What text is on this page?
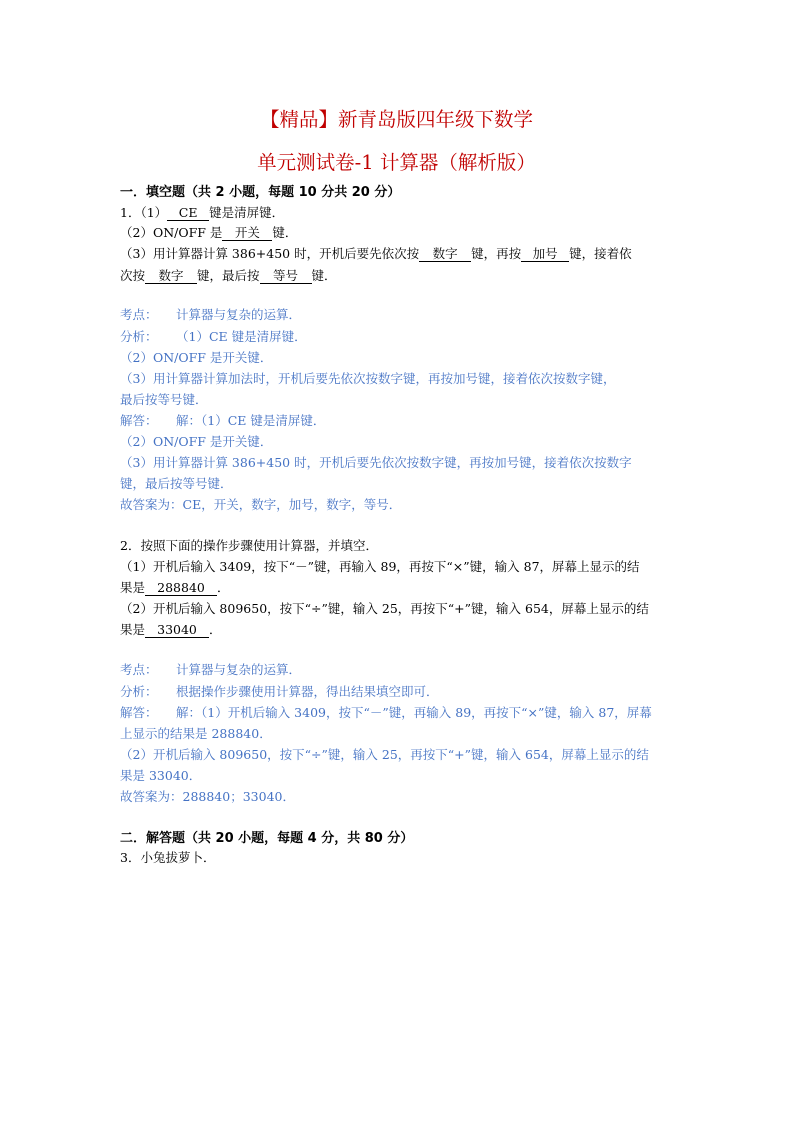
【精品】新青岛版四年级下数学
单元测试卷-1 计算器（解析版）
一．填空题（共 2 小题，每题 10 分共 20 分）
1．（1） CE 键是清屏键．
（2）ON/OFF 是 开关 键．
（3）用计算器计算 386+450 时，开机后要先依次按 数字 键，再按 加号 键，接着依
次按 数字 键，最后按 等号 键．
考点： 计算器与复杂的运算．
分析： （1）CE 键是清屏键．
（2）ON/OFF 是开关键．
（3）用计算器计算加法时，开机后要先依次按数字键，再按加号键，接着依次按数字键，
最后按等号键．
解答： 解：（1）CE 键是清屏键．
（2）ON/OFF 是开关键．
（3）用计算器计算 386+450 时，开机后要先依次按数字键，再按加号键，接着依次按数字
键，最后按等号键．
故答案为：CE，开关，数字，加号，数字，等号．
2．按照下面的操作步骤使用计算器，并填空．
（1）开机后输入 3409，按下“－”键，再输入 89，再按下“×”键，输入 87，屏幕上显示的结
果是 288840 ．
（2）开机后输入 809650，按下“÷”键，输入 25，再按下“+”键，输入 654，屏幕上显示的结
果是 33040 ．
考点： 计算器与复杂的运算．
分析： 根据操作步骤使用计算器，得出结果填空即可．
解答： 解：（1）开机后输入 3409，按下“－”键，再输入 89，再按下“×”键，输入 87，屏幕
上显示的结果是 288840．
（2）开机后输入 809650，按下“÷”键，输入 25，再按下“+”键，输入 654，屏幕上显示的结
果是 33040．
故答案为：288840；33040．
二．解答题（共 20 小题，每题 4 分，共 80 分）
3．小兔拔萝卜．
